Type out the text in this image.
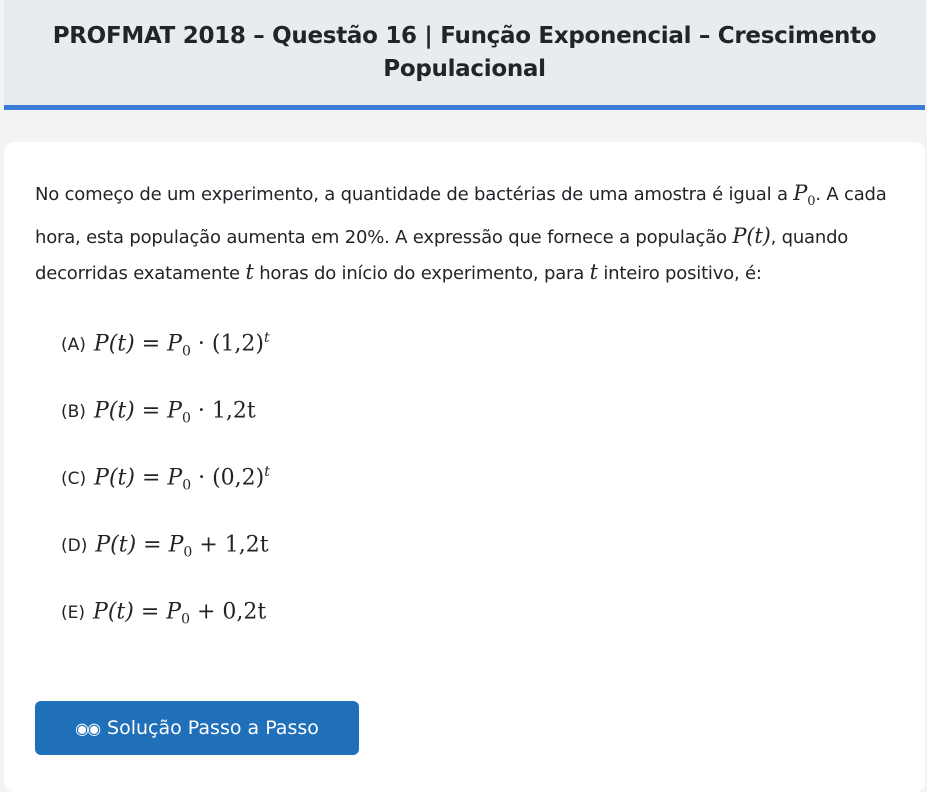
PROFMAT 2018 – Questão 16 | Função Exponencial – Crescimento Populacional

No começo de um experimento, a quantidade de bactérias de uma amostra é igual a $P_0$. A cada hora, esta população aumenta em 20%. A expressão que fornece a população P(t), quando decorridas exatamente t horas do início do experimento, para t inteiro positivo, é:

(A) $P(t) = P_0 \cdot (1,2)^t$
(B) $P(t) = P_0 \cdot 1,2t$
(C) $P(t) = P_0 \cdot (0,2)^t$
(D) $P(t) = P_0 + 1,2t$
(E) $P(t) = P_0 + 0,2t$
◉◉ Solução Passo a Passo
